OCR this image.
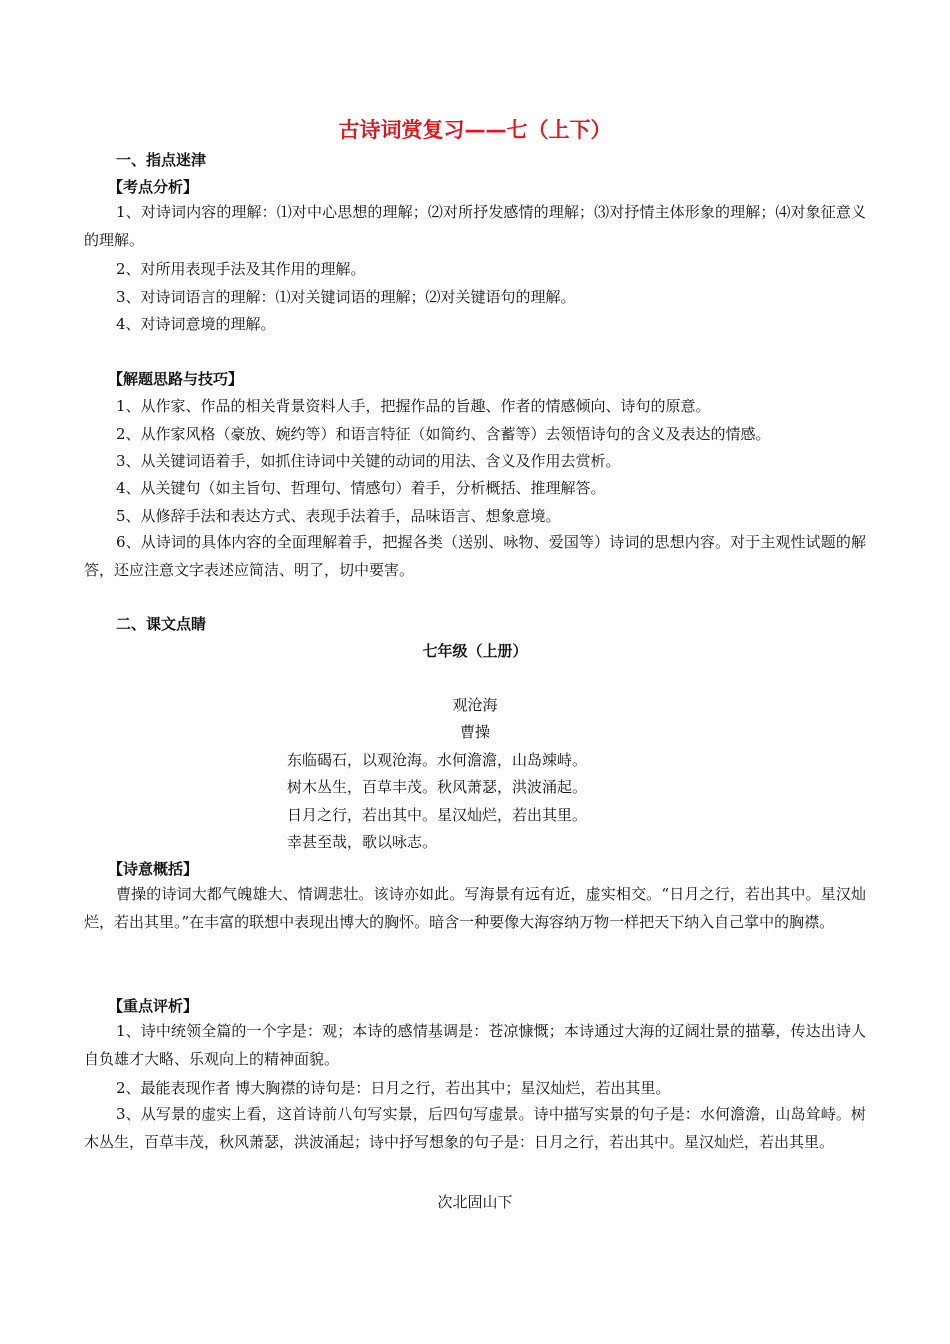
古诗词赏复习——七（上下）
一、指点迷津
【考点分析】
1、对诗词内容的理解：⑴对中心思想的理解；⑵对所抒发感情的理解；⑶对抒情主体形象的理解；⑷对象征意义的理解。
2、对所用表现手法及其作用的理解。
3、对诗词语言的理解：⑴对关键词语的理解；⑵对关键语句的理解。
4、对诗词意境的理解。
【解题思路与技巧】
1、从作家、作品的相关背景资料人手，把握作品的旨趣、作者的情感倾向、诗句的原意。
2、从作家风格（豪放、婉约等）和语言特征（如简约、含蓄等）去领悟诗句的含义及表达的情感。
3、从关键词语着手，如抓住诗词中关键的动词的用法、含义及作用去赏析。
4、从关键句（如主旨句、哲理句、情感句）着手，分析概括、推理解答。
5、从修辞手法和表达方式、表现手法着手，品味语言、想象意境。
6、从诗词的具体内容的全面理解着手，把握各类（送别、咏物、爱国等）诗词的思想内容。对于主观性试题的解答，还应注意文字表述应简洁、明了，切中要害。
二、课文点睛
七年级（上册）
观沧海
曹操
东临碣石，以观沧海。水何澹澹，山岛竦峙。
树木丛生，百草丰茂。秋风萧瑟，洪波涌起。
日月之行，若出其中。星汉灿烂，若出其里。
幸甚至哉，歌以咏志。
【诗意概括】
曹操的诗词大都气魄雄大、情调悲壮。该诗亦如此。写海景有远有近，虚实相交。“日月之行，若出其中。星汉灿烂，若出其里。”在丰富的联想中表现出博大的胸怀。暗含一种要像大海容纳万物一样把天下纳入自己掌中的胸襟。
【重点评析】
1、诗中统领全篇的一个字是：观；本诗的感情基调是：苍凉慷慨；本诗通过大海的辽阔壮景的描摹，传达出诗人自负雄才大略、乐观向上的精神面貌。
2、最能表现作者 博大胸襟的诗句是：日月之行，若出其中；星汉灿烂，若出其里。
3、从写景的虚实上看，这首诗前八句写实景，后四句写虚景。诗中描写实景的句子是：水何澹澹，山岛耸峙。树木丛生，百草丰茂，秋风萧瑟，洪波涌起；诗中抒写想象的句子是：日月之行，若出其中。星汉灿烂，若出其里。
次北固山下
